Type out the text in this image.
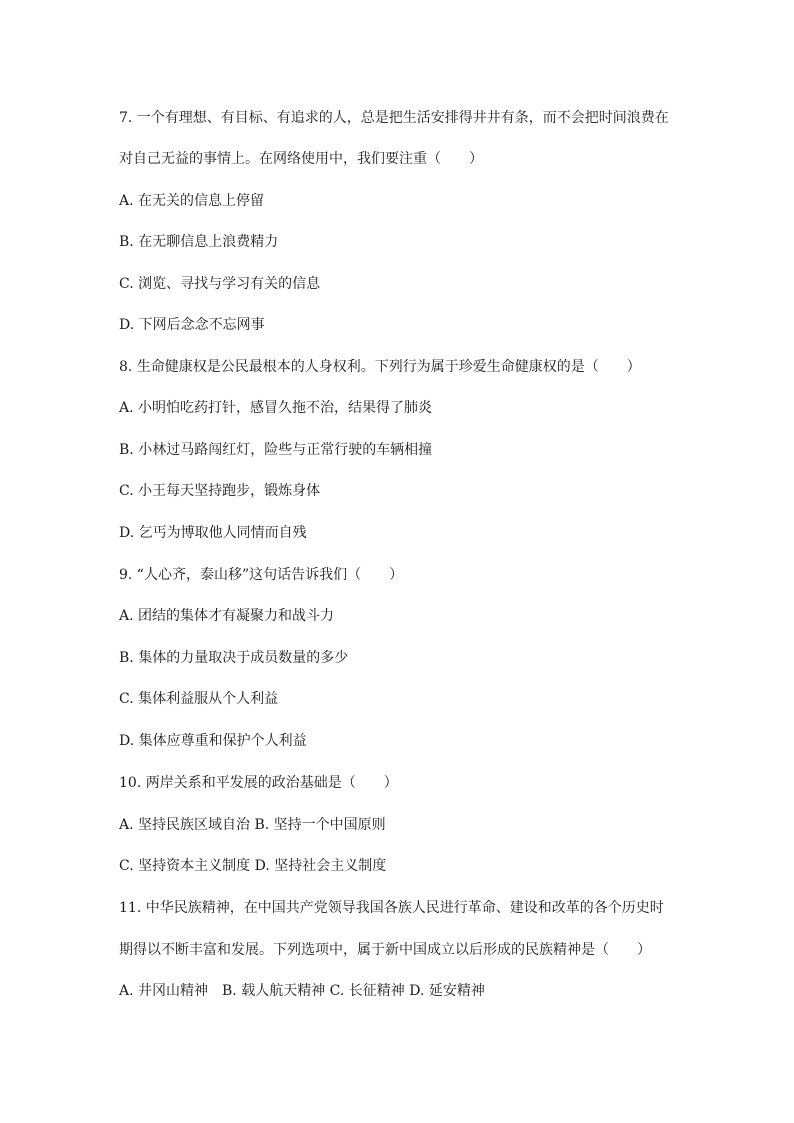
7. 一个有理想、有目标、有追求的人，总是把生活安排得井井有条，而不会把时间浪费在
对自己无益的事情上。在网络使用中，我们要注重（　　）
A. 在无关的信息上停留
B. 在无聊信息上浪费精力
C. 浏览、寻找与学习有关的信息
D. 下网后念念不忘网事
8. 生命健康权是公民最根本的人身权利。下列行为属于珍爱生命健康权的是（　　）
A. 小明怕吃药打针，感冒久拖不治，结果得了肺炎
B. 小林过马路闯红灯，险些与正常行驶的车辆相撞
C. 小王每天坚持跑步，锻炼身体
D. 乞丐为博取他人同情而自残
9. “人心齐，泰山移”这句话告诉我们（　　）
A. 团结的集体才有凝聚力和战斗力
B. 集体的力量取决于成员数量的多少
C. 集体利益服从个人利益
D. 集体应尊重和保护个人利益
10. 两岸关系和平发展的政治基础是（　　）
A. 坚持民族区域自治 B. 坚持一个中国原则
C. 坚持资本主义制度 D. 坚持社会主义制度
11. 中华民族精神，在中国共产党领导我国各族人民进行革命、建设和改革的各个历史时
期得以不断丰富和发展。下列选项中，属于新中国成立以后形成的民族精神是（　　）
A. 井冈山精神　B. 载人航天精神 C. 长征精神 D. 延安精神
